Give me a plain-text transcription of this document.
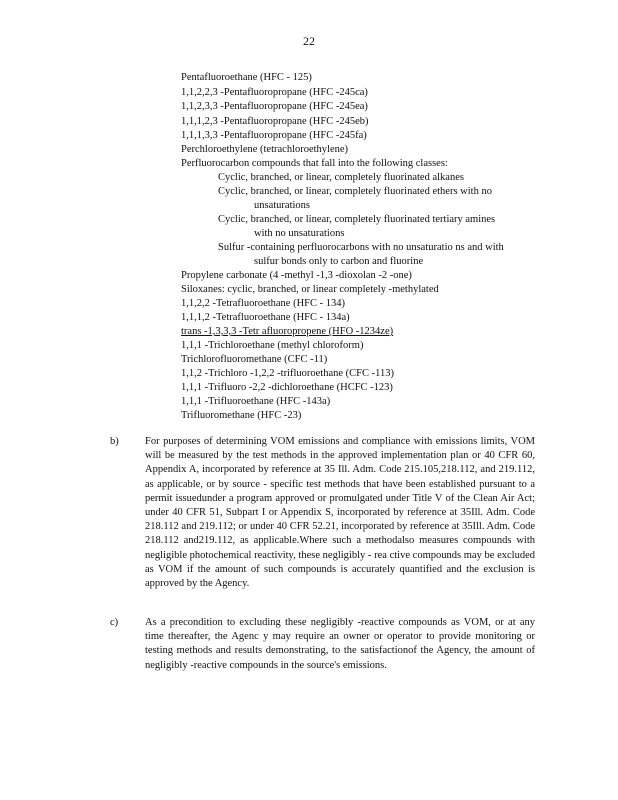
22
Pentafluoroethane (HFC - 125)
1,1,2,2,3 -Pentafluoropropane (HFC -245ca)
1,1,2,3,3 -Pentafluoropropane (HFC -245ea)
1,1,1,2,3 -Pentafluoropropane (HFC -245eb)
1,1,1,3,3 -Pentafluoropropane (HFC -245fa)
Perchloroethylene (tetrachloroethylene)
Perfluorocarbon compounds that fall into the following classes:
Cyclic, branched, or linear, completely fluorinated alkanes
Cyclic, branched, or linear, completely fluorinated ethers with no
unsaturations
Cyclic, branched, or linear, completely fluorinated tertiary amines
with no unsaturations
Sulfur -containing perfluorocarbons with no unsaturatio ns and with
sulfur bonds only to carbon and fluorine
Propylene carbonate (4 -methyl -1,3 -dioxolan -2 -one)
Siloxanes: cyclic, branched, or linear completely -methylated
1,1,2,2 -Tetrafluoroethane (HFC - 134)
1,1,1,2 -Tetrafluoroethane (HFC - 134a)
trans -1,3,3,3 -Tetr afluoropropene (HFO -1234ze)
1,1,1 -Trichloroethane (methyl chloroform)
Trichlorofluoromethane (CFC -11)
1,1,2 -Trichloro -1,2,2 -trifluoroethane (CFC -113)
1,1,1 -Trifluoro -2,2 -dichloroethane (HCFC -123)
1,1,1 -Trifluoroethane (HFC -143a)
Trifluoromethane (HFC -23)
b)	For purposes of determining VOM emissions and compliance with emissions limits, VOM will be measured by the test methods in the approved implementation plan or 40 CFR 60, Appendix A, incorporated by reference at 35 Ill. Adm. Code 215.105,218.112, and 219.112, as applicable, or by source - specific test methods that have been established pursuant to a permit issuedunder a program approved or promulgated under Title V of the Clean Air Act; under 40 CFR 51, Subpart I or Appendix S, incorporated by reference at 35Ill. Adm. Code 218.112 and 219.112; or under 40 CFR 52.21, incorporated by reference at 35Ill. Adm. Code 218.112 and219.112, as applicable.Where such a methodalso measures compounds with negligible photochemical reactivity, these negligibly - rea ctive compounds may be excluded as VOM if the amount of such compounds is accurately quantified and the exclusion is approved by the Agency.
c)	As a precondition to excluding these negligibly -reactive compounds as VOM, or at any time thereafter, the Agenc y may require an owner or operator to provide monitoring or testing methods and results demonstrating, to the satisfactionof the Agency, the amount of negligibly -reactive compounds in the source's emissions.
